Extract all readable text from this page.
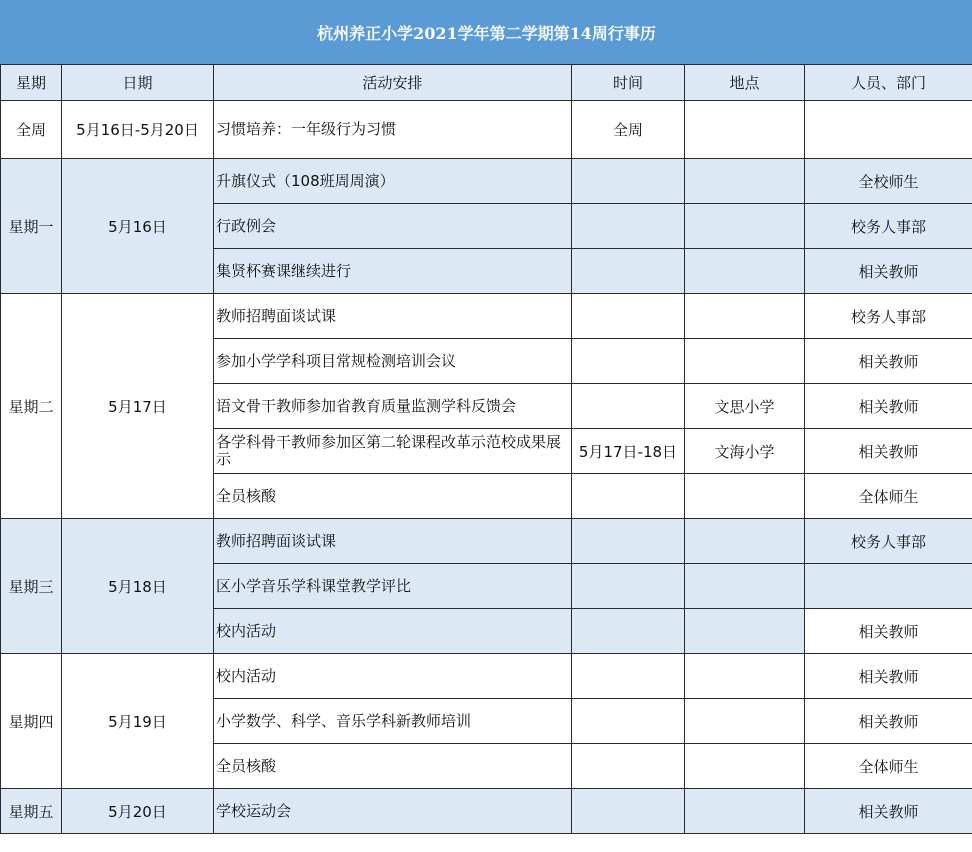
杭州养正小学2021学年第二学期第14周行事历					
星期	日期	活动安排	时间	地点	人员、部门
全周	5月16日-5月20日	习惯培养：一年级行为习惯	全周		
星期一	5月16日	升旗仪式（108班周周演）			全校师生
		行政例会			校务人事部
		集贤杯赛课继续进行			相关教师
星期二	5月17日	教师招聘面谈试课			校务人事部
		参加小学学科项目常规检测培训会议			相关教师
		语文骨干教师参加省教育质量监测学科反馈会		文思小学	相关教师
		各学科骨干教师参加区第二轮课程改革示范校成果展示	5月17日-18日	文海小学	相关教师
		全员核酸			全体师生
星期三	5月18日	教师招聘面谈试课			校务人事部
		区小学音乐学科课堂教学评比			
		校内活动			相关教师
星期四	5月19日	校内活动			相关教师
		小学数学、科学、音乐学科新教师培训			相关教师
		全员核酸			全体师生
星期五	5月20日	学校运动会			相关教师
